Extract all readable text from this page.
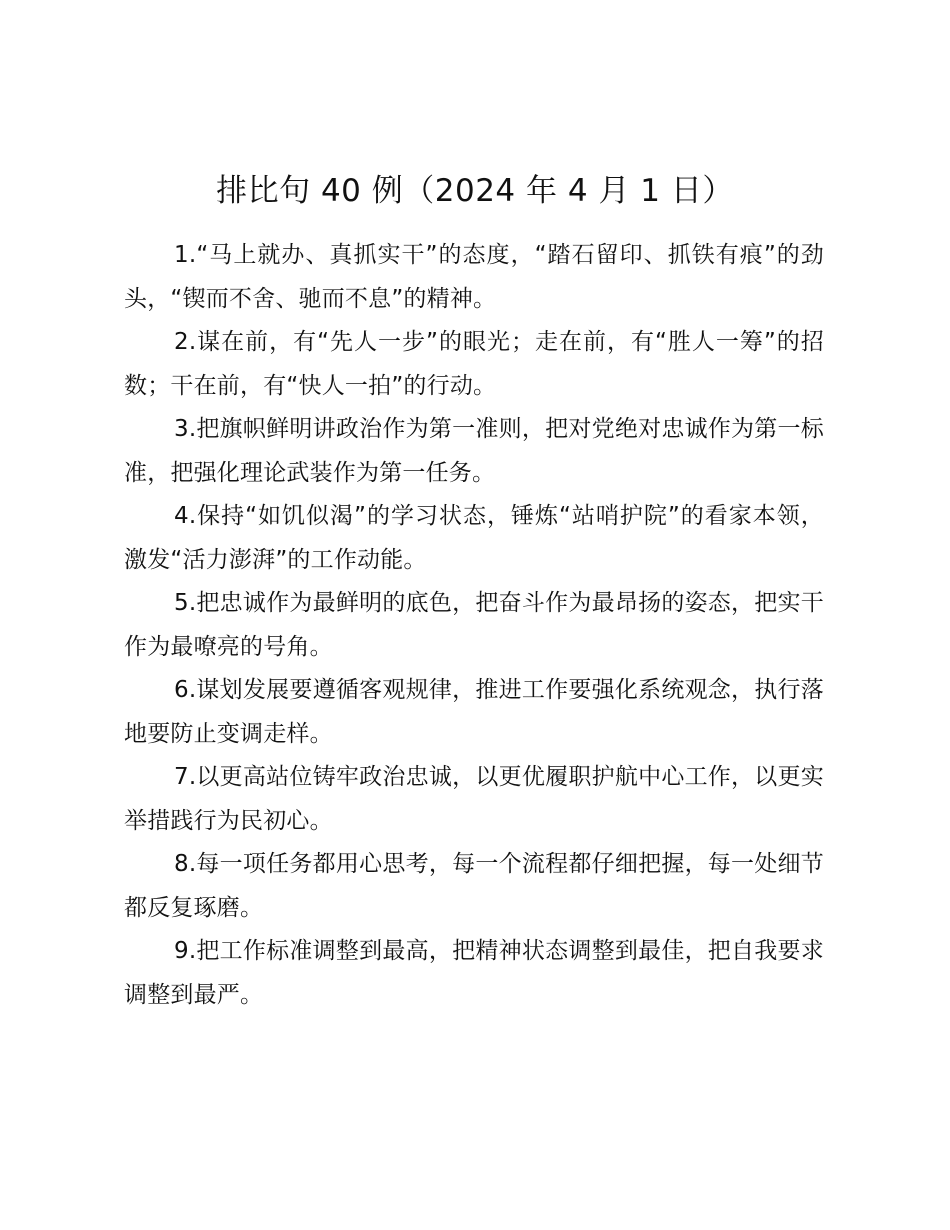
排比句 40 例（2024 年 4 月 1 日）

1.“马上就办、真抓实干”的态度，“踏石留印、抓铁有痕”的劲头，“锲而不舍、驰而不息”的精神。

2.谋在前，有“先人一步”的眼光；走在前，有“胜人一筹”的招数；干在前，有“快人一拍”的行动。

3.把旗帜鲜明讲政治作为第一准则，把对党绝对忠诚作为第一标准，把强化理论武装作为第一任务。

4.保持“如饥似渴”的学习状态，锤炼“站哨护院”的看家本领，激发“活力澎湃”的工作动能。

5.把忠诚作为最鲜明的底色，把奋斗作为最昂扬的姿态，把实干作为最嘹亮的号角。

6.谋划发展要遵循客观规律，推进工作要强化系统观念，执行落地要防止变调走样。

7.以更高站位铸牢政治忠诚，以更优履职护航中心工作，以更实举措践行为民初心。

8.每一项任务都用心思考，每一个流程都仔细把握，每一处细节都反复琢磨。

9.把工作标准调整到最高，把精神状态调整到最佳，把自我要求调整到最严。
